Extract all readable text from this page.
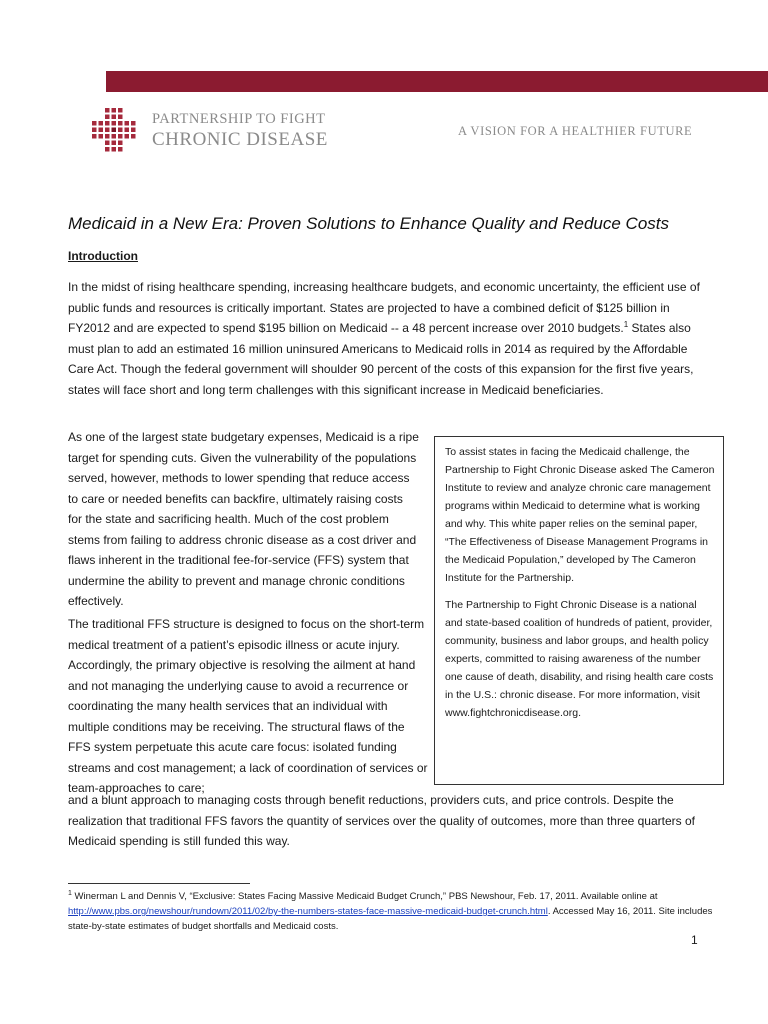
PARTNERSHIP TO FIGHT
CHRONIC DISEASE	A VISION FOR A HEALTHIER FUTURE
Medicaid in a New Era: Proven Solutions to Enhance Quality and Reduce Costs
Introduction

In the midst of rising healthcare spending, increasing healthcare budgets, and economic uncertainty, the efficient use of public funds and resources is critically important. States are projected to have a combined deficit of $125 billion in FY2012 and are expected to spend $195 billion on Medicaid -- a 48 percent increase over 2010 budgets.$^1$ States also must plan to add an estimated 16 million uninsured Americans to Medicaid rolls in 2014 as required by the Affordable Care Act. Though the federal government will shoulder 90 percent of the costs of this expansion for the first five years, states will face short and long term challenges with this significant increase in Medicaid beneficiaries.

As one of the largest state budgetary expenses, Medicaid is a ripe target for spending cuts. Given the vulnerability of the populations served, however, methods to lower spending that reduce access to care or needed benefits can backfire, ultimately raising costs for the state and sacrificing health. Much of the cost problem stems from failing to address chronic disease as a cost driver and flaws inherent in the traditional fee-for-service (FFS) system that undermine the ability to prevent and manage chronic conditions effectively.

The traditional FFS structure is designed to focus on the short-term medical treatment of a patient’s episodic illness or acute injury. Accordingly, the primary objective is resolving the ailment at hand and not managing the underlying cause to avoid a recurrence or coordinating the many health services that an individual with multiple conditions may be receiving. The structural flaws of the FFS system perpetuate this acute care focus: isolated funding streams and cost management; a lack of coordination of services or team-approaches to care;

To assist states in facing the Medicaid challenge, the Partnership to Fight Chronic Disease asked The Cameron Institute to review and analyze chronic care management programs within Medicaid to determine what is working and why. This white paper relies on the seminal paper, “The Effectiveness of Disease Management Programs in the Medicaid Population,” developed by The Cameron Institute for the Partnership.

The Partnership to Fight Chronic Disease is a national and state-based coalition of hundreds of patient, provider, community, business and labor groups, and health policy experts, committed to raising awareness of the number one cause of death, disability, and rising health care costs in the U.S.: chronic disease. For more information, visit www.fightchronicdisease.org.

and a blunt approach to managing costs through benefit reductions, providers cuts, and price controls. Despite the realization that traditional FFS favors the quantity of services over the quality of outcomes, more than three quarters of Medicaid spending is still funded this way.

$^1$ Winerman L and Dennis V, “Exclusive: States Facing Massive Medicaid Budget Crunch,” PBS Newshour, Feb. 17, 2011. Available online at http://www.pbs.org/newshour/rundown/2011/02/by-the-numbers-states-face-massive-medicaid-budget-crunch.html. Accessed May 16, 2011. Site includes state-by-state estimates of budget shortfalls and Medicaid costs.

1
